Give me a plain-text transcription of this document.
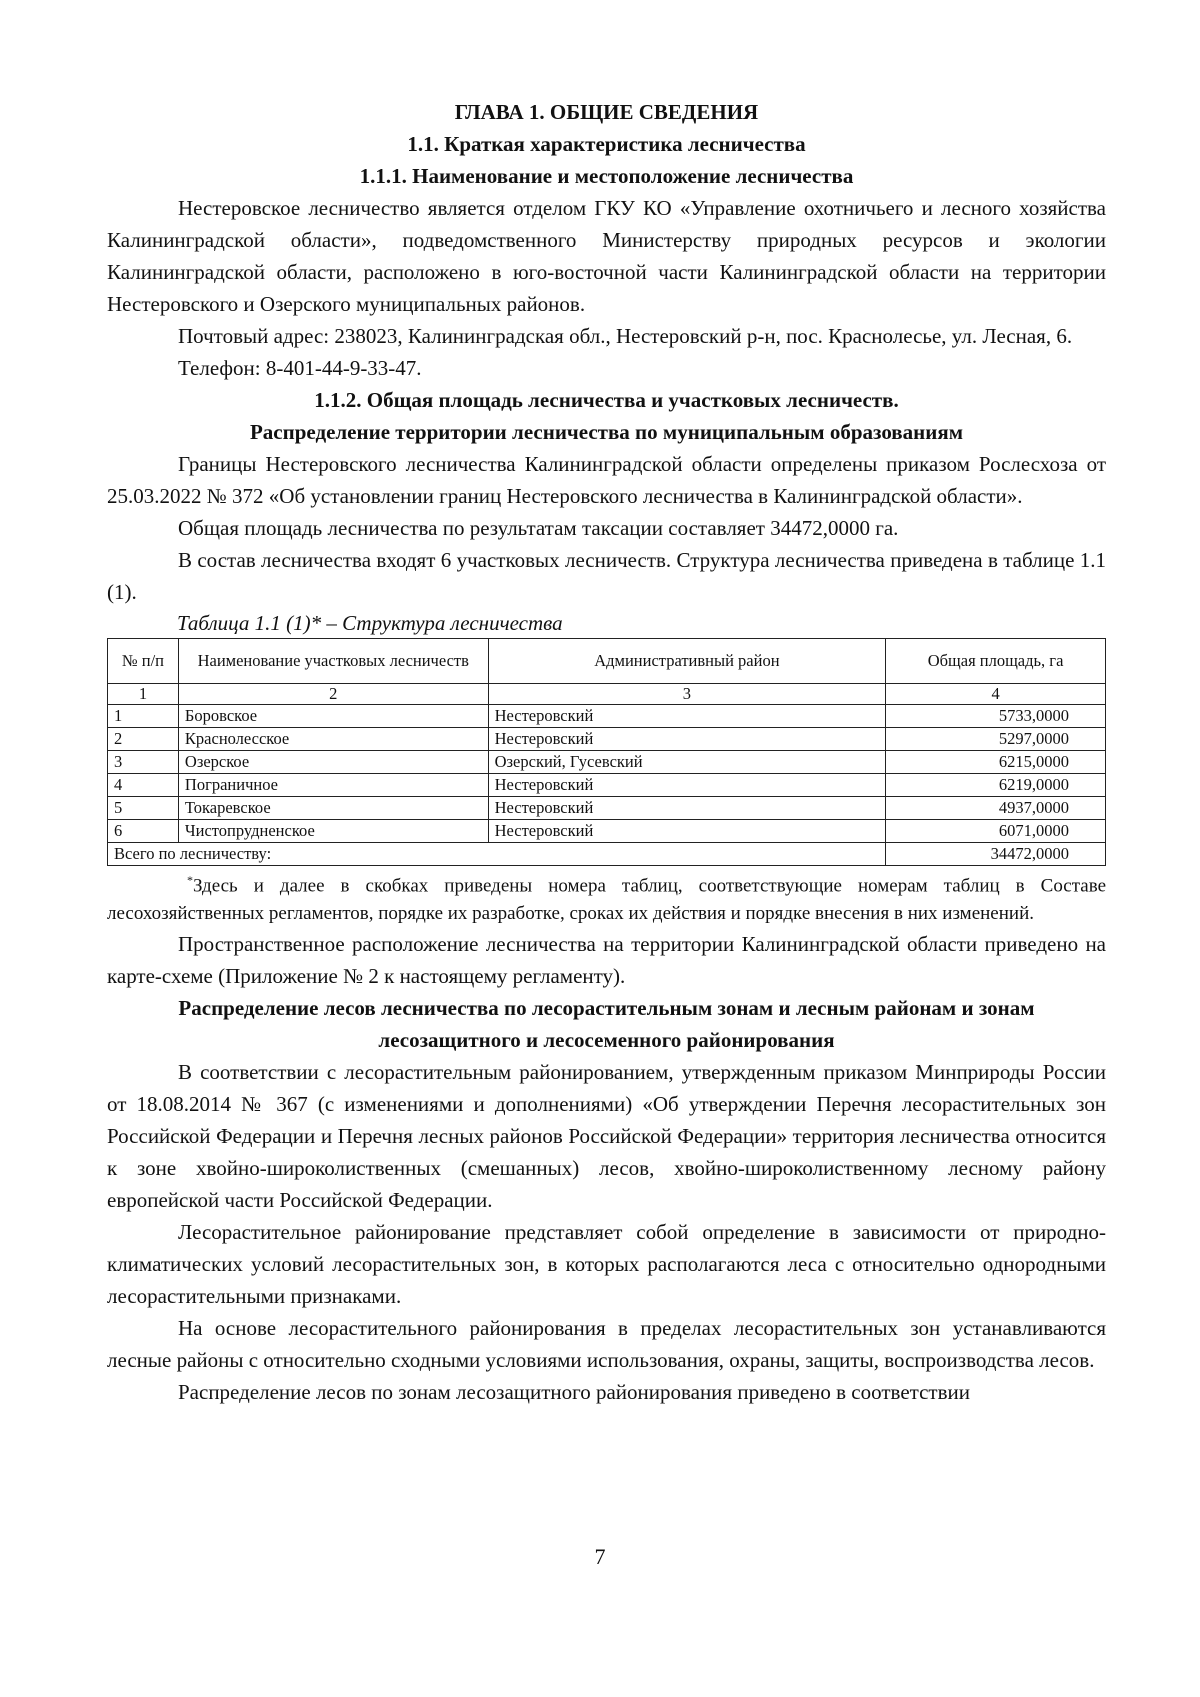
ГЛАВА 1. ОБЩИЕ СВЕДЕНИЯ

1.1. Краткая характеристика лесничества

1.1.1. Наименование и местоположение лесничества

Нестеровское лесничество является отделом ГКУ КО «Управление охотничьего и лесного хозяйства Калининградской области», подведомственного Министерству природных ресурсов и экологии Калининградской области, расположено в юго-восточной части Калининградской области на территории Нестеровского и Озерского муниципальных районов.

Почтовый адрес: 238023, Калининградская обл., Нестеровский р-н, пос. Краснолесье, ул. Лесная, 6.

Телефон: 8-401-44-9-33-47.

1.1.2. Общая площадь лесничества и участковых лесничеств.

Распределение территории лесничества по муниципальным образованиям

Границы Нестеровского лесничества Калининградской области определены приказом Рослесхоза от 25.03.2022 № 372 «Об установлении границ Нестеровского лесничества в Калининградской области».

Общая площадь лесничества по результатам таксации составляет 34472,0000 га.

В состав лесничества входят 6 участковых лесничеств. Структура лесничества приведена в таблице 1.1 (1).

Таблица 1.1 (1)* – Структура лесничества

№ п/п	Наименование участковых лесничеств	Административный район	Общая площадь, га
1	2	3	4
1	Боровское	Нестеровский	5733,0000
2	Краснолесское	Нестеровский	5297,0000
3	Озерское	Озерский, Гусевский	6215,0000
4	Пограничное	Нестеровский	6219,0000
5	Токаревское	Нестеровский	4937,0000
6	Чистопрудненское	Нестеровский	6071,0000
Всего по лесничеству:			34472,0000

*Здесь и далее в скобках приведены номера таблиц, соответствующие номерам таблиц в Составе лесохозяйственных регламентов, порядке их разработке, сроках их действия и порядке внесения в них изменений.

Пространственное расположение лесничества на территории Калининградской области приведено на карте-схеме (Приложение № 2 к настоящему регламенту).

Распределение лесов лесничества по лесорастительным зонам и лесным районам и зонам

лесозащитного и лесосеменного районирования

В соответствии с лесорастительным районированием, утвержденным приказом Минприроды России от 18.08.2014 № 367 (с изменениями и дополнениями) «Об утверждении Перечня лесорастительных зон Российской Федерации и Перечня лесных районов Российской Федерации» территория лесничества относится к зоне хвойно-широколиственных (смешанных) лесов, хвойно-широколиственному лесному району европейской части Российской Федерации.

Лесорастительное районирование представляет собой определение в зависимости от природно-климатических условий лесорастительных зон, в которых располагаются леса с относительно однородными лесорастительными признаками.

На основе лесорастительного районирования в пределах лесорастительных зон устанавливаются лесные районы с относительно сходными условиями использования, охраны, защиты, воспроизводства лесов.

Распределение лесов по зонам лесозащитного районирования приведено в соответствии

7
